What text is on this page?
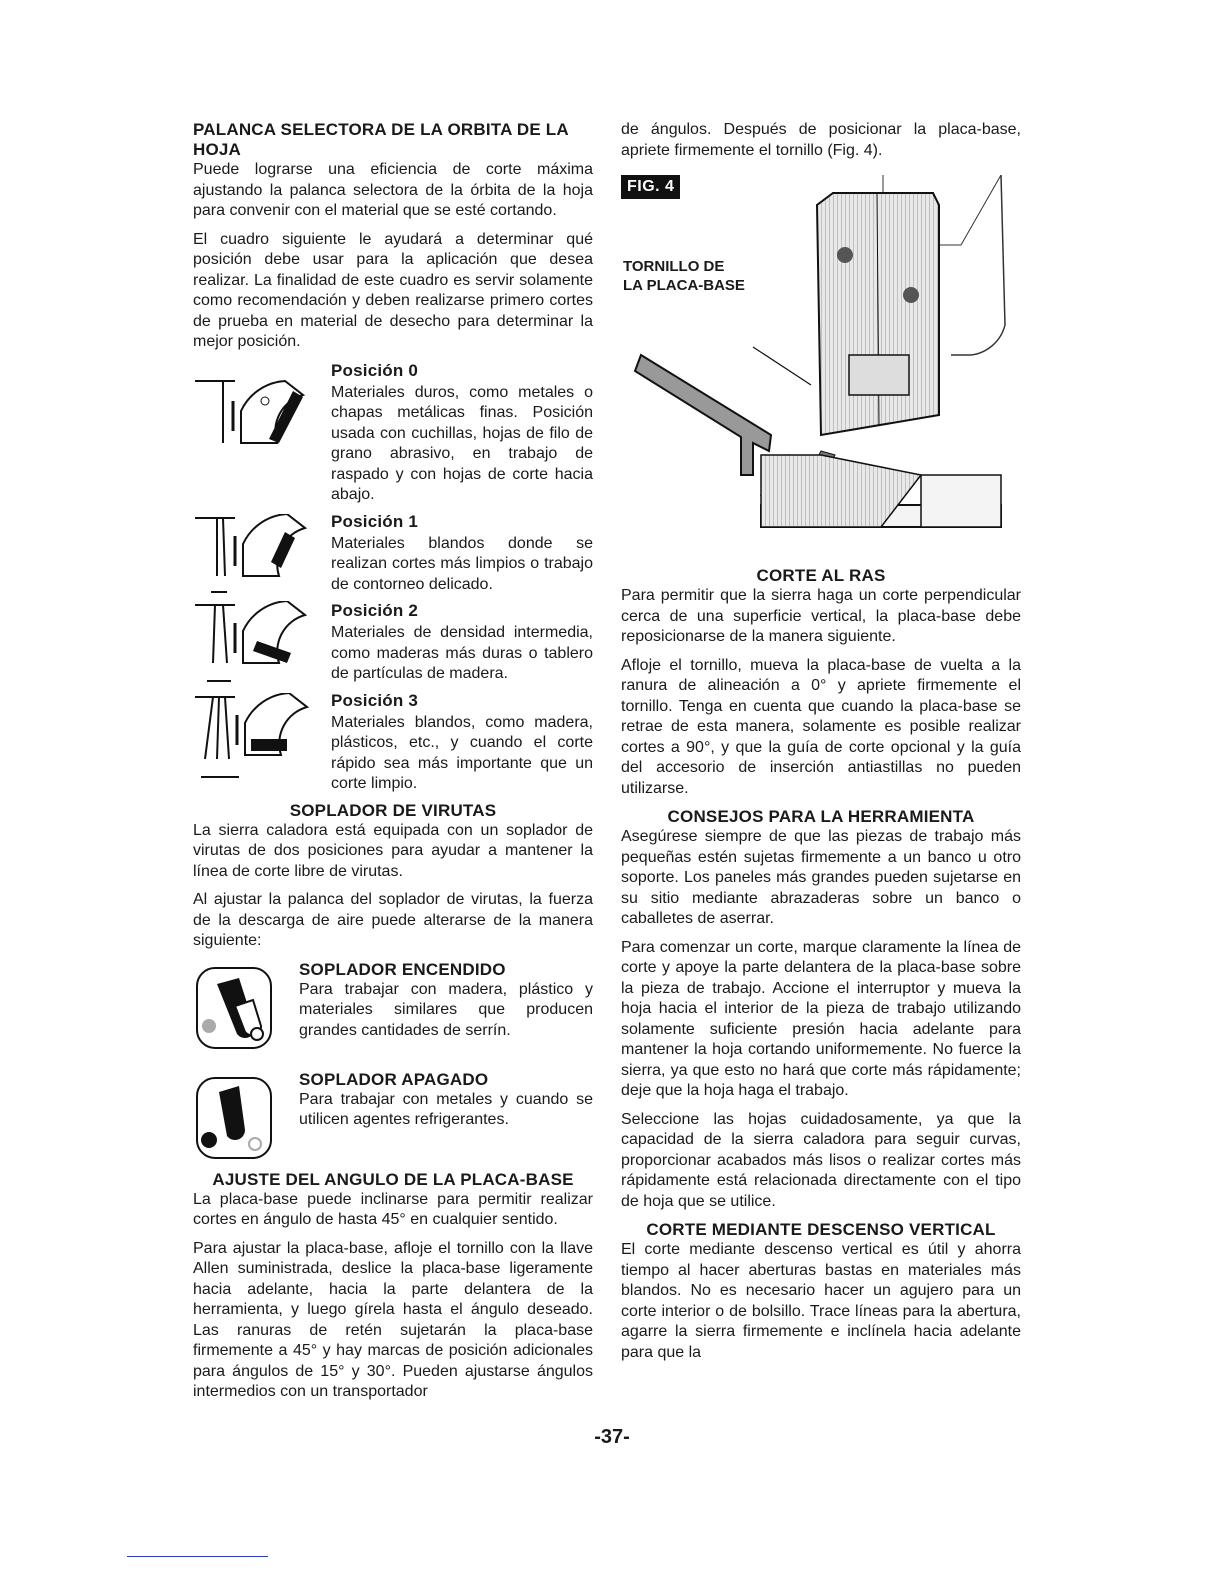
PALANCA SELECTORA DE LA ORBITA DE LA HOJA

Puede lograrse una eficiencia de corte máxima ajustando la palanca selectora de la órbita de la hoja para convenir con el material que se esté cortando.

El cuadro siguiente le ayudará a determinar qué posición debe usar para la aplicación que desea realizar. La finalidad de este cuadro es servir solamente como recomendación y deben realizarse primero cortes de prueba en material de desecho para determinar la mejor posición.

Posición 0

Materiales duros, como metales o chapas metálicas finas. Posición usada con cuchillas, hojas de filo de grano abrasivo, en trabajo de raspado y con hojas de corte hacia abajo.

Posición 1

Materiales blandos donde se realizan cortes más limpios o trabajo de contorneo delicado.

Posición 2

Materiales de densidad intermedia, como maderas más duras o tablero de partículas de madera.

Posición 3

Materiales blandos, como madera, plásticos, etc., y cuando el corte rápido sea más importante que un corte limpio.

SOPLADOR DE VIRUTAS

La sierra caladora está equipada con un soplador de virutas de dos posiciones para ayudar a mantener la línea de corte libre de virutas.

Al ajustar la palanca del soplador de virutas, la fuerza de la descarga de aire puede alterarse de la manera siguiente:

SOPLADOR ENCENDIDO

Para trabajar con madera, plástico y materiales similares que producen grandes cantidades de serrín.

SOPLADOR APAGADO

Para trabajar con metales y cuando se utilicen agentes refrigerantes.

AJUSTE DEL ANGULO DE LA PLACA-BASE

La placa-base puede inclinarse para permitir realizar cortes en ángulo de hasta 45° en cualquier sentido.

Para ajustar la placa-base, afloje el tornillo con la llave Allen suministrada, deslice la placa-base ligeramente hacia adelante, hacia la parte delantera de la herramienta, y luego gírela hasta el ángulo deseado. Las ranuras de retén sujetarán la placa-base firmemente a 45° y hay marcas de posición adicionales para ángulos de 15° y 30°. Pueden ajustarse ángulos intermedios con un transportador

de ángulos. Después de posicionar la placa-base, apriete firmemente el tornillo (Fig. 4).

FIG. 4
TORNILLO DE
LA PLACA-BASE
CORTE AL RAS

Para permitir que la sierra haga un corte perpendicular cerca de una superficie vertical, la placa-base debe reposicionarse de la manera siguiente.

Afloje el tornillo, mueva la placa-base de vuelta a la ranura de alineación a 0° y apriete firmemente el tornillo. Tenga en cuenta que cuando la placa-base se retrae de esta manera, solamente es posible realizar cortes a 90°, y que la guía de corte opcional y la guía del accesorio de inserción antiastillas no pueden utilizarse.

CONSEJOS PARA LA HERRAMIENTA

Asegúrese siempre de que las piezas de trabajo más pequeñas estén sujetas firmemente a un banco u otro soporte. Los paneles más grandes pueden sujetarse en su sitio mediante abrazaderas sobre un banco o caballetes de aserrar.

Para comenzar un corte, marque claramente la línea de corte y apoye la parte delantera de la placa-base sobre la pieza de trabajo. Accione el interruptor y mueva la hoja hacia el interior de la pieza de trabajo utilizando solamente suficiente presión hacia adelante para mantener la hoja cortando uniformemente. No fuerce la sierra, ya que esto no hará que corte más rápidamente; deje que la hoja haga el trabajo.

Seleccione las hojas cuidadosamente, ya que la capacidad de la sierra caladora para seguir curvas, proporcionar acabados más lisos o realizar cortes más rápidamente está relacionada directamente con el tipo de hoja que se utilice.

CORTE MEDIANTE DESCENSO VERTICAL

El corte mediante descenso vertical es útil y ahorra tiempo al hacer aberturas bastas en materiales más blandos. No es necesario hacer un agujero para un corte interior o de bolsillo. Trace líneas para la abertura, agarre la sierra firmemente e inclínela hacia adelante para que la

-37-
